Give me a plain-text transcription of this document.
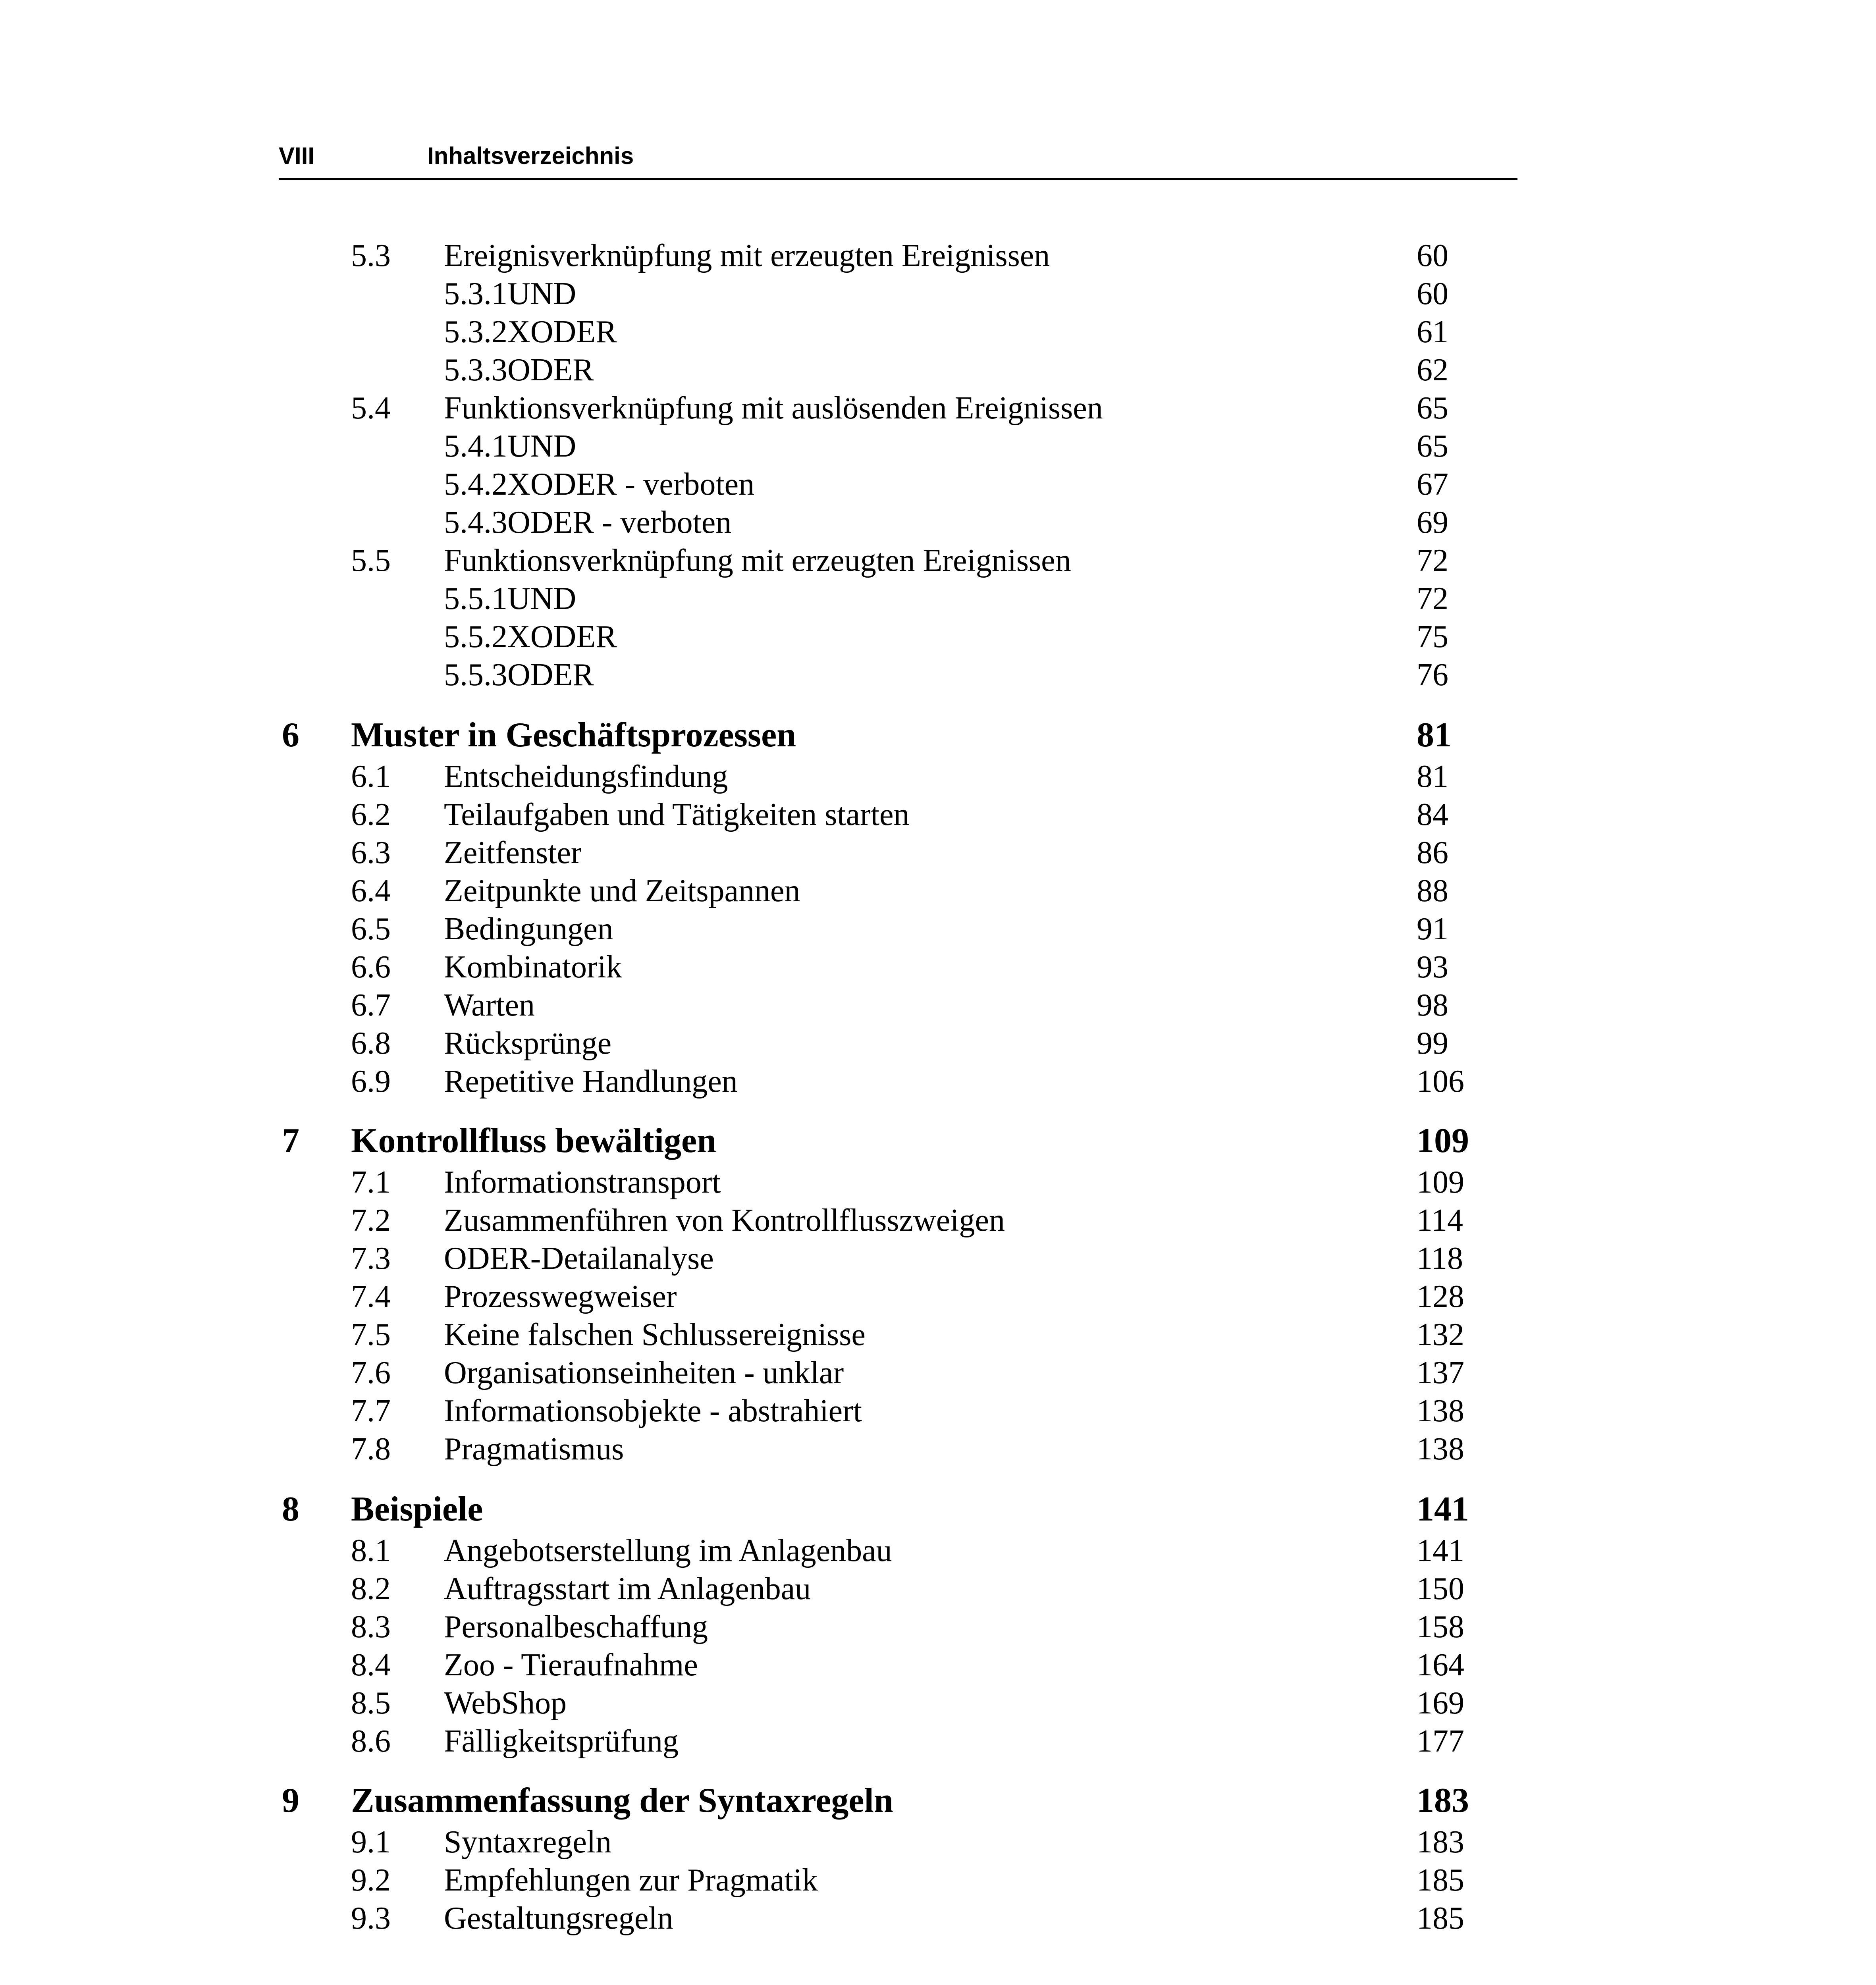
VIII	Inhaltsverzeichnis
5.3 Ereignisverknüpfung mit erzeugten Ereignissen	60
5.3.1UND	60
5.3.2XODER	61
5.3.3ODER	62
5.4 Funktionsverknüpfung mit auslösenden Ereignissen	65
5.4.1UND	65
5.4.2XODER - verboten	67
5.4.3ODER - verboten	69
5.5 Funktionsverknüpfung mit erzeugten Ereignissen	72
5.5.1UND	72
5.5.2XODER	75
5.5.3ODER	76
6 Muster in Geschäftsprozessen	81
6.1 Entscheidungsfindung	81
6.2 Teilaufgaben und Tätigkeiten starten	84
6.3 Zeitfenster	86
6.4 Zeitpunkte und Zeitspannen	88
6.5 Bedingungen	91
6.6 Kombinatorik	93
6.7 Warten	98
6.8 Rücksprünge	99
6.9 Repetitive Handlungen	106
7 Kontrollfluss bewältigen	109
7.1 Informationstransport	109
7.2 Zusammenführen von Kontrollflusszweigen	114
7.3 ODER-Detailanalyse	118
7.4 Prozesswegweiser	128
7.5 Keine falschen Schlussereignisse	132
7.6 Organisationseinheiten - unklar	137
7.7 Informationsobjekte - abstrahiert	138
7.8 Pragmatismus	138
8 Beispiele	141
8.1 Angebotserstellung im Anlagenbau	141
8.2 Auftragsstart im Anlagenbau	150
8.3 Personalbeschaffung	158
8.4 Zoo - Tieraufnahme	164
8.5 WebShop	169
8.6 Fälligkeitsprüfung	177
9 Zusammenfassung der Syntaxregeln	183
9.1 Syntaxregeln	183
9.2 Empfehlungen zur Pragmatik	185
9.3 Gestaltungsregeln	185
